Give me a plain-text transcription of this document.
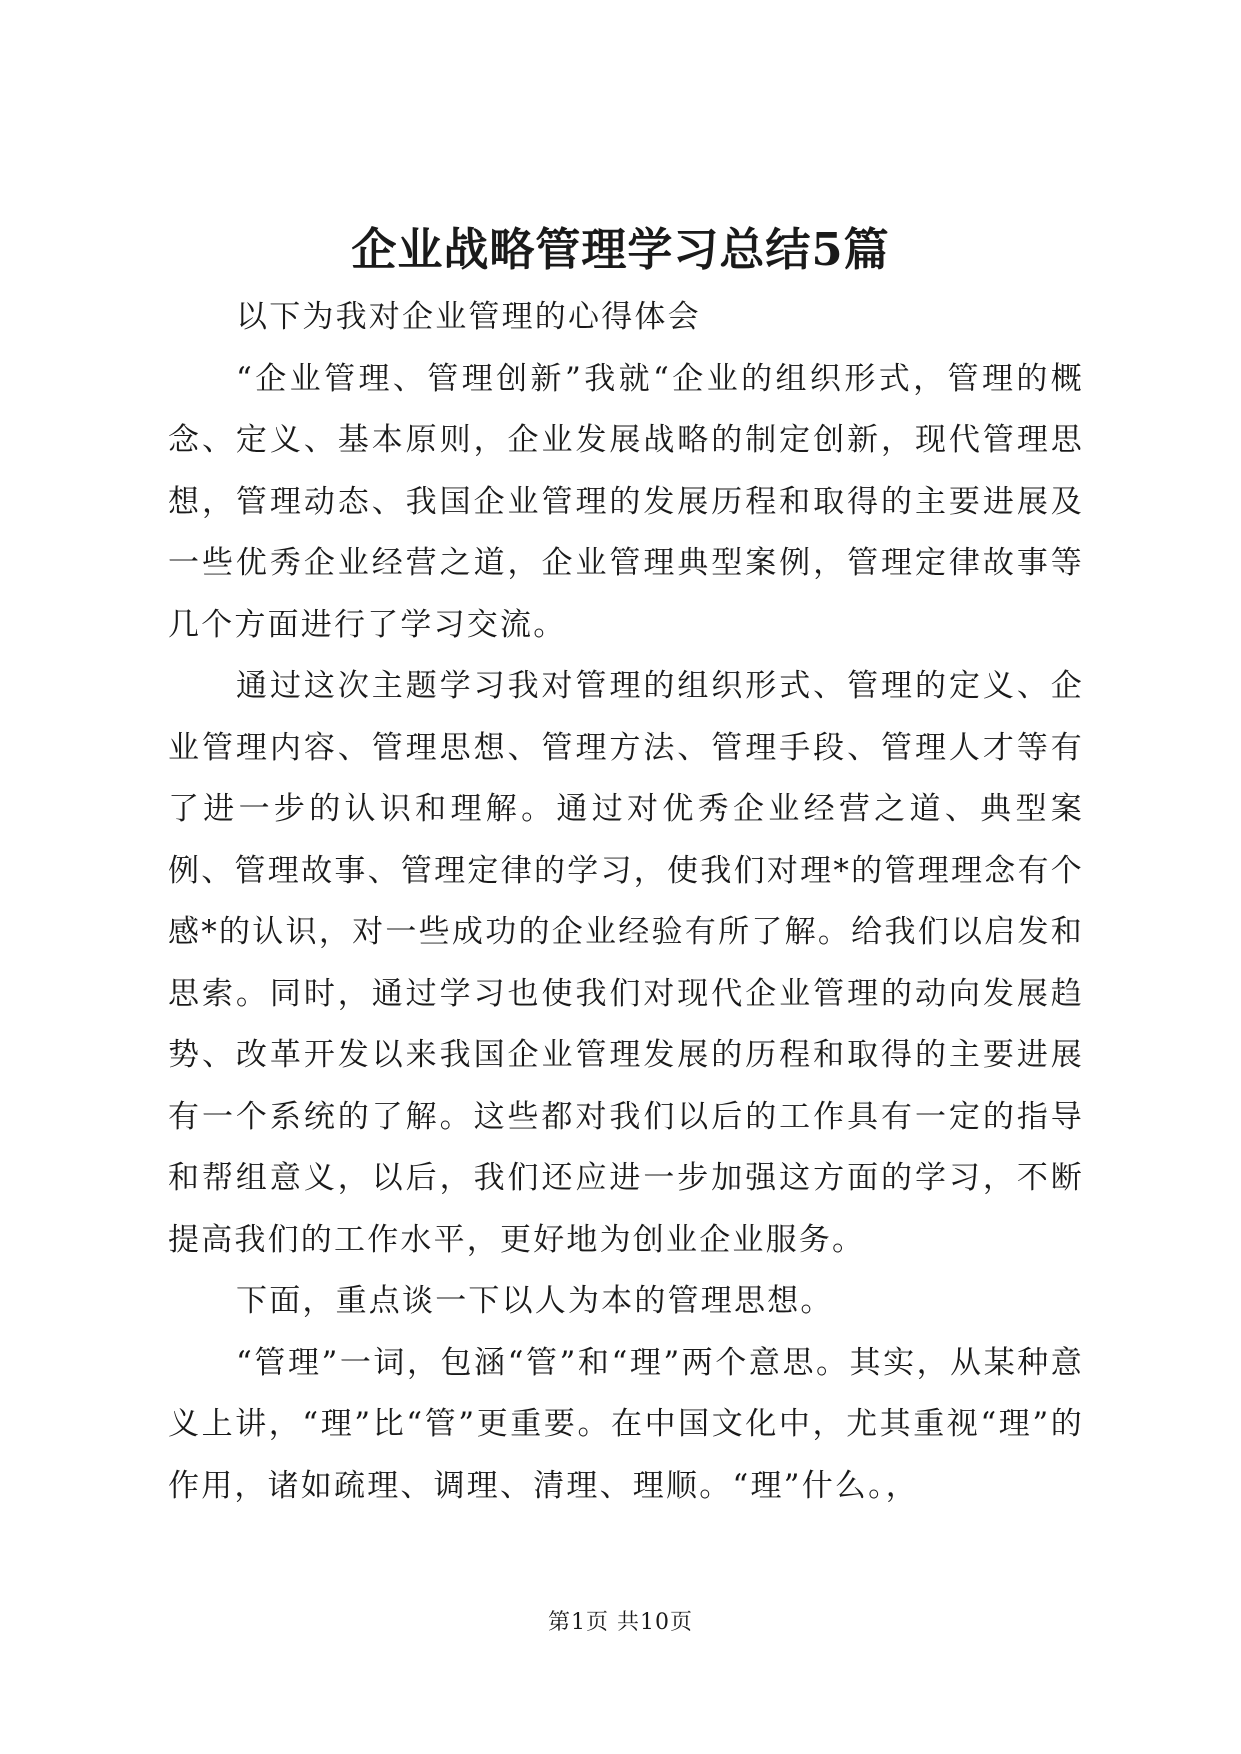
企业战略管理学习总结5篇

以下为我对企业管理的心得体会

“企业管理、管理创新”我就“企业的组织形式，管理的概念、定义、基本原则，企业发展战略的制定创新，现代管理思想，管理动态、我国企业管理的发展历程和取得的主要进展及一些优秀企业经营之道，企业管理典型案例，管理定律故事等几个方面进行了学习交流。

通过这次主题学习我对管理的组织形式、管理的定义、企业管理内容、管理思想、管理方法、管理手段、管理人才等有了进一步的认识和理解。通过对优秀企业经营之道、典型案例、管理故事、管理定律的学习，使我们对理*的管理理念有个感*的认识，对一些成功的企业经验有所了解。给我们以启发和思索。同时，通过学习也使我们对现代企业管理的动向发展趋势、改革开发以来我国企业管理发展的历程和取得的主要进展有一个系统的了解。这些都对我们以后的工作具有一定的指导和帮组意义，以后，我们还应进一步加强这方面的学习，不断提高我们的工作水平，更好地为创业企业服务。

下面，重点谈一下以人为本的管理思想。

“管理”一词，包涵“管”和“理”两个意思。其实，从某种意义上讲，“理”比“管”更重要。在中国文化中，尤其重视“理”的作用，诸如疏理、调理、清理、理顺。“理”什么。，

第1页 共10页
